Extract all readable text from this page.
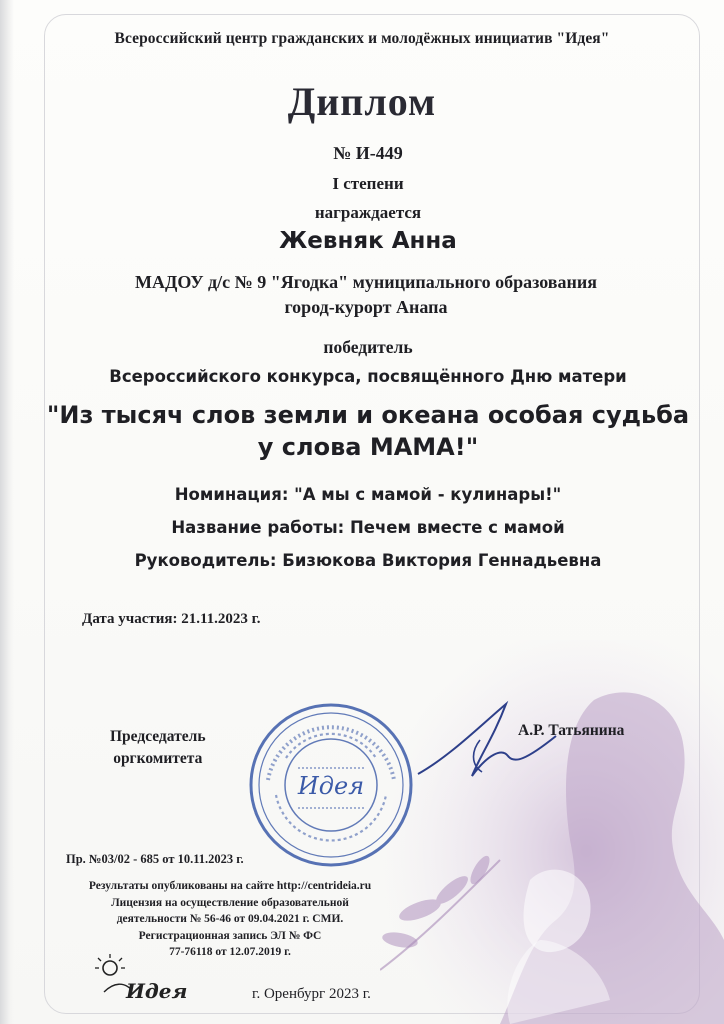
Всероссийский центр гражданских и молодёжных инициатив "Идея"
Диплом
№ И-449
I степени
награждается
Жевняк Анна
МАДОУ д/с № 9 "Ягодка" муниципального образования
город-курорт Анапа
победитель
Всероссийского конкурса, посвящённого Дню матери
"Из тысяч слов земли и океана особая судьба
у слова МАМА!"
Номинация: "А мы с мамой - кулинары!"
Название работы: Печем вместе с мамой
Руководитель: Бизюкова Виктория Геннадьевна
Дата участия: 21.11.2023 г.
Председатель
оргкомитета
Идея
А.Р. Татьянина
Пр. №03/02 - 685 от 10.11.2023 г.
Результаты опубликованы на сайте http://centrideia.ru
Лицензия на осуществление образовательной
деятельности № 56-46 от 09.04.2021 г. СМИ.
Регистрационная запись ЭЛ № ФС
77-76118 от 12.07.2019 г.
Идея	г. Оренбург 2023 г.
